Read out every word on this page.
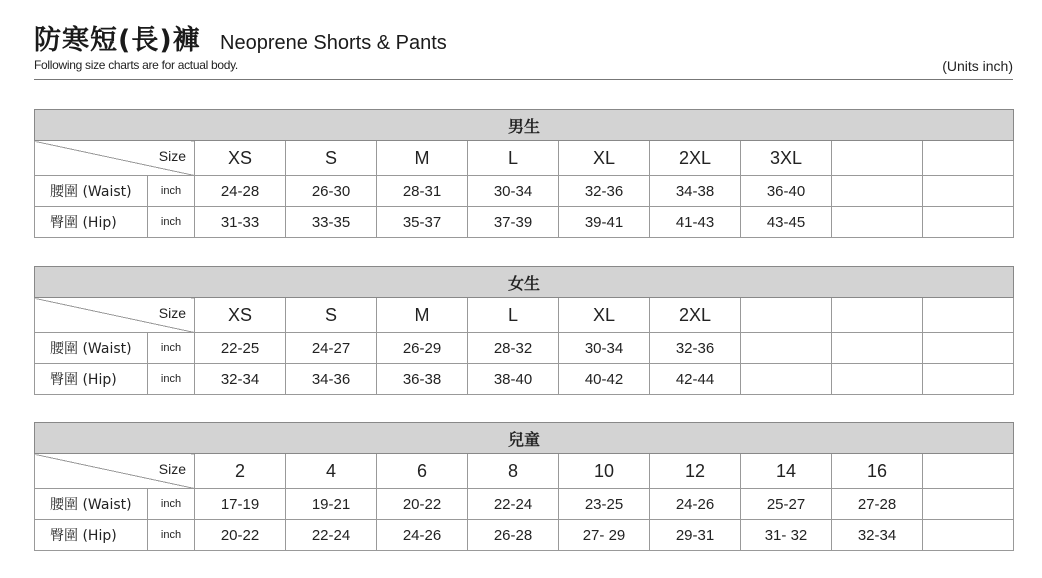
防寒短(長)褲 Neoprene Shorts & Pants
Following size charts are for actual body.	(Units inch)
男生										

Size		XS	S	M	L	XL	2XL	3XL		
腰圍 (Waist)	inch	24-28	26-30	28-31	30-34	32-36	34-38	36-40		
臀圍 (Hip)	inch	31-33	33-35	35-37	37-39	39-41	41-43	43-45		
女生										

Size		XS	S	M	L	XL	2XL			
腰圍 (Waist)	inch	22-25	24-27	26-29	28-32	30-34	32-36			
臀圍 (Hip)	inch	32-34	34-36	36-38	38-40	40-42	42-44			
兒童										

Size		2	4	6	8	10	12	14	16	
腰圍 (Waist)	inch	17-19	19-21	20-22	22-24	23-25	24-26	25-27	27-28	
臀圍 (Hip)	inch	20-22	22-24	24-26	26-28	27- 29	29-31	31- 32	32-34	
